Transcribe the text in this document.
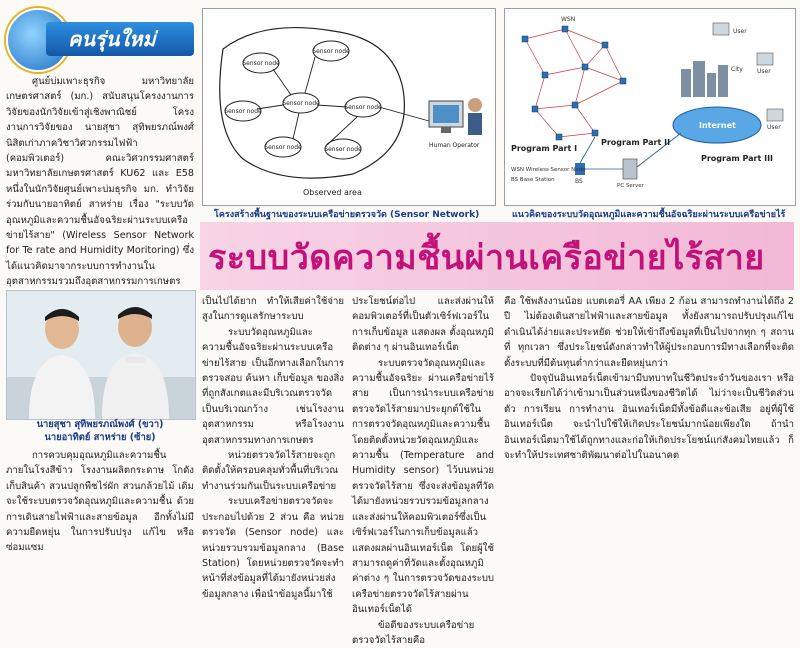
คนรุ่นใหม่

ศูนย์บ่มเพาะธุรกิจ มหาวิทยาลัยเกษตรศาสตร์ (มก.) สนับสนุนโครงงานการวิจัยของนักวิจัยเข้าสู่เชิงพาณิชย์ โครงงานการวิจัยของ นายสุชา สุทิพยรภณ์พงศ์ นิสิตเก่าภาควิชาวิศวกรรมไฟฟ้า (คอมพิวเตอร์) คณะวิศวกรรมศาสตร์ มหาวิทยาลัยเกษตรศาสตร์ KU62 และ E58 หนึ่งในนักวิจัยศูนย์เพาะบ่มธุรกิจ มก. ทำวิจัยร่วมกับนายอาทิตย์ สาหร่าย เรื่อง "ระบบวัดอุณหภูมิและความชื้นอัจฉริยะผ่านระบบเครือข่ายไร้สาย" (Wireless Sensor Network for Te rate and Humidity Moritoring) ซึ่งได้แนวคิดมาจากระบบการทำงานในอุตสาหกรรมรวมถึงอุตสาหกรรมการเกษตร

นายสุชา สุทิพยรภณ์พงศ์ (ขวา)
นายอาทิตย์ สาหร่าย (ซ้าย)

การควบคุมอุณหภูมิและความชื้นภายในโรงสีข้าว โรงงานผลิตกระดาษ โกดังเก็บสินค้า สวนปลูกพืชไร่ผัก สวนกล้วยไม้ เดิมจะใช้ระบบตรวจวัดอุณหภูมิและความชื้น ด้วยการเดินสายไฟฟ้าและสายข้อมูล อีกทั้งไม่มีความยืดหยุ่น ในการปรับปรุง แก้ไข หรือซ่อมแซม

Sensor node
Sensor node
Sensor node
Sensor node
Sensor node
Sensor node	Sensor node
Observed area
Human Operator
โครงสร้างพื้นฐานของระบบเครือข่ายตรวจวัด (Sensor Network)
WSN
Internet
City
User
User
User
PC Server
BS
Program Part I
Program Part II
Program Part III
WSN Wireless Sensor Node
BS Base Station
แนวคิดของระบบวัดอุณหภูมิและความชื้นอัจฉริยะผ่านระบบเครือข่ายไร้
ระบบวัดความชื้นผ่านเครือข่ายไร้สาย

เป็นไปได้ยาก ทำให้เสียค่าใช้จ่ายสูงในการดูแลรักษาระบบ

ระบบวัดอุณหภูมิและความชื้นอัจฉริยะผ่านระบบเครือข่ายไร้สาย เป็นอีกทางเลือกในการตรวจสอบ ค้นหา เก็บข้อมูล ของสิ่งที่ถูกสังเกตและมีบริเวณตรวจวัดเป็นบริเวณกว้าง เช่นโรงงานอุตสาหกรรม หรือโรงงานอุตสาหกรรมทางการเกษตร

หน่วยตรวจวัดไร้สายจะถูกติดตั้งให้ครอบคลุมทั่วพื้นที่บริเวณ ทำงานร่วมกันเป็นระบบเครือข่าย

ระบบเครือข่ายตรวจวัดจะประกอบไปด้วย 2 ส่วน คือ หน่วยตรวจวัด (Sensor node) และหน่วยรวบรวมข้อมูลกลาง (Base Station) โดยหน่วยตรวจวัดจะทำหน้าที่ส่งข้อมูลที่ได้มายังหน่วยส่งข้อมูลกลาง เพื่อนำข้อมูลนี้มาใช้

ประโยชน์ต่อไป และส่งผ่านให้คอมพิวเตอร์ที่เป็นตัวเซิร์ฟเวอร์ในการเก็บข้อมูล แสดงผล ตั้งอุณหภูมิติดต่าง ๆ ผ่านอินเทอร์เน็ต

ระบบตรวจวัดอุณหภูมิและความชื้นอัจฉริยะ ผ่านเครือข่ายไร้สาย เป็นการนำระบบเครือข่ายตรวจวัดไร้สายมาประยุกต์ใช้ในการตรวจวัดอุณหภูมิและความชื้น โดยติดตั้งหน่วยวัดอุณหภูมิและความชื้น (Temperature and Humidity sensor) ไว้บนหน่วยตรวจวัดไร้สาย ซึ่งจะส่งข้อมูลที่วัดได้มายังหน่วยรวบรวมข้อมูลกลางและส่งผ่านให้คอมพิวเตอร์ซึ่งเป็นเซิร์ฟเวอร์ในการเก็บข้อมูลแล้วแสดงผลผ่านอินเทอร์เน็ต โดยผู้ใช้สามารถดูค่าที่วัดและตั้งอุณหภูมิค่าต่าง ๆ ในการตรวจวัดของระบบเครือข่ายตรวจวัดไร้สายผ่านอินเทอร์เน็ตได้

ข้อดีของระบบเครือข่ายตรวจวัดไร้สายคือ

คือ ใช้พลังงานน้อย แบตเตอรี่ AA เพียง 2 ก้อน สามารถทำงานได้ถึง 2 ปี ไม่ต้องเดินสายไฟฟ้าและสายข้อมูล ทั้งยังสามารถปรับปรุงแก้ไขดำเนินได้ง่ายและประหยัด ช่วยให้เข้าถึงข้อมูลที่เป็นไปจากทุก ๆ สถานที่ ทุกเวลา ซึ่งประโยชน์ดังกล่าวทำให้ผู้ประกอบการมีทางเลือกที่จะติดตั้งระบบที่มีต้นทุนต่ำกว่าและยืดหยุ่นกว่า

ปัจจุบันอินเทอร์เน็ตเข้ามามีบทบาทในชีวิตประจำวันของเรา หรืออาจจะเรียกได้ว่าเข้ามาเป็นส่วนหนึ่งของชีวิตได้ ไม่ว่าจะเป็นชีวิตส่วนตัว การเรียน การทำงาน อินเทอร์เน็ตมีทั้งข้อดีและข้อเสีย อยู่ที่ผู้ใช้อินเทอร์เน็ต จะนำไปใช้ให้เกิดประโยชน์มากน้อยเพียงใด ถ้านำอินเทอร์เน็ตมาใช้ได้ถูกทางและก่อให้เกิดประโยชน์แก่สังคมไทยแล้ว ก็จะทำให้ประเทศชาติพัฒนาต่อไปในอนาคต
